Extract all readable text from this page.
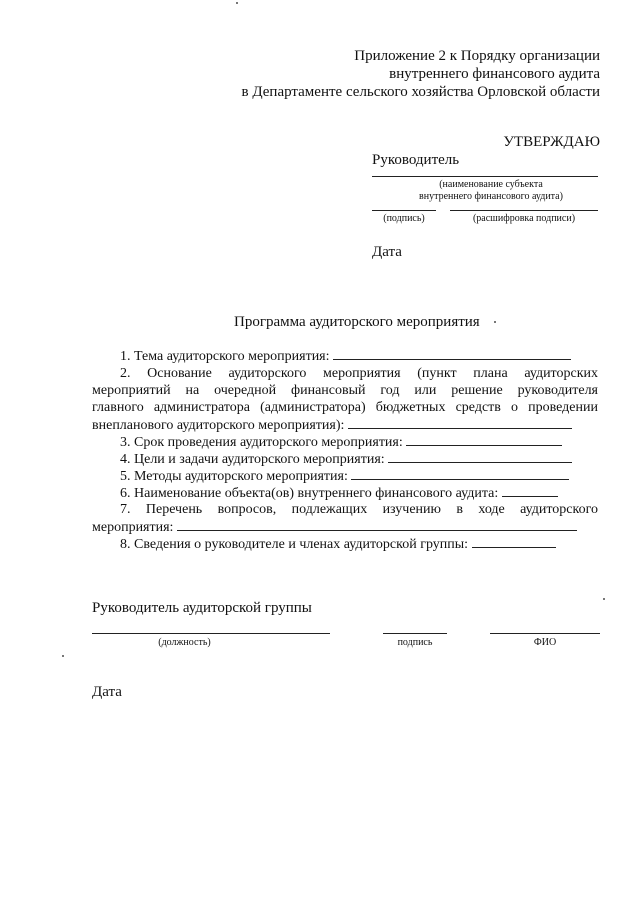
Приложение 2 к Порядку организации
внутреннего финансового аудита
в Департаменте сельского хозяйства Орловской области
УТВЕРЖДАЮ
Руководитель
(наименование субъекта
внутреннего финансового аудита)
(подпись)	(расшифровка подписи)
Дата
Программа аудиторского мероприятия
1. Тема аудиторского мероприятия:
2. Основание аудиторского мероприятия (пункт плана аудиторских
мероприятий на очередной финансовый год или решение руководителя
главного администратора (администратора) бюджетных средств о проведении
внепланового аудиторского мероприятия):
3. Срок проведения аудиторского мероприятия:
4. Цели и задачи аудиторского мероприятия:
5. Методы аудиторского мероприятия:
6. Наименование объекта(ов) внутреннего финансового аудита:
7. Перечень вопросов, подлежащих изучению в ходе аудиторского
мероприятия:
8. Сведения о руководителе и членах аудиторской группы:
Руководитель аудиторской группы
(должность)	подпись	ФИО
Дата
